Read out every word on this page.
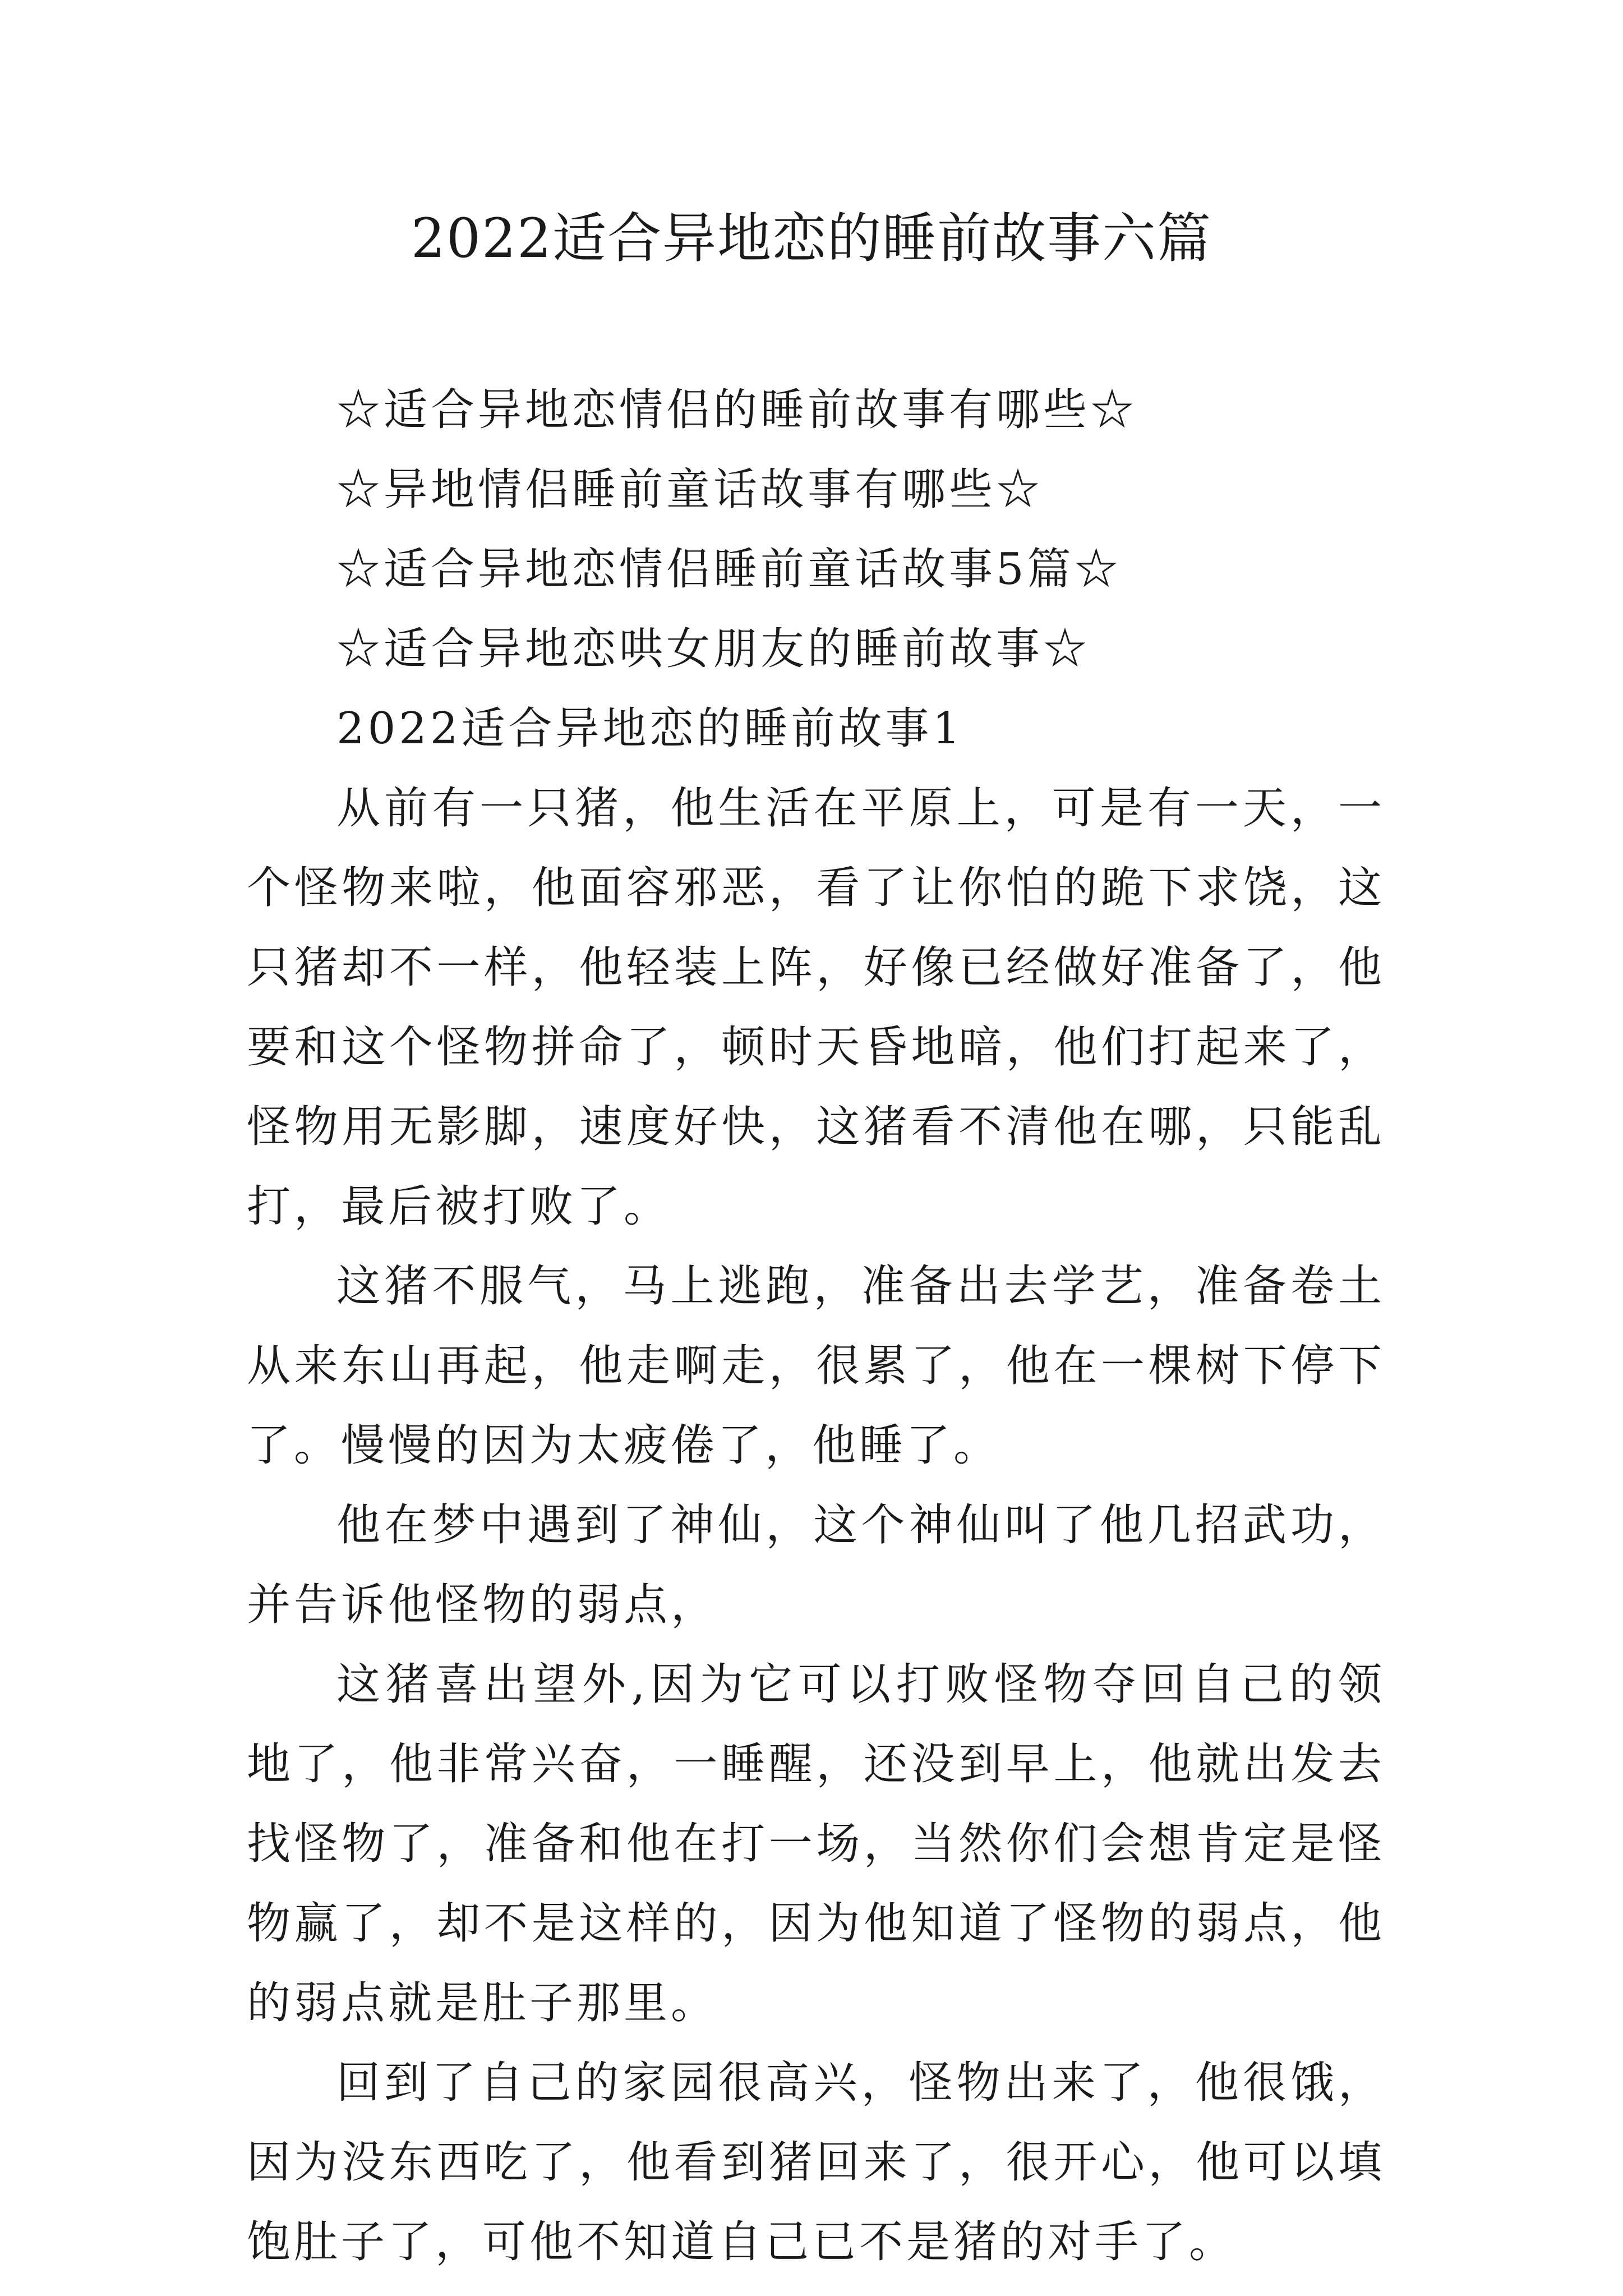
2022适合异地恋的睡前故事六篇

☆适合异地恋情侣的睡前故事有哪些☆

☆异地情侣睡前童话故事有哪些☆

☆适合异地恋情侣睡前童话故事5篇☆

☆适合异地恋哄女朋友的睡前故事☆

2022适合异地恋的睡前故事1

从前有一只猪，他生活在平原上，可是有一天，一个怪物来啦，他面容邪恶，看了让你怕的跪下求饶，这只猪却不一样，他轻装上阵，好像已经做好准备了，他要和这个怪物拼命了，顿时天昏地暗，他们打起来了，怪物用无影脚，速度好快，这猪看不清他在哪，只能乱打，最后被打败了。

这猪不服气，马上逃跑，准备出去学艺，准备卷土从来东山再起，他走啊走，很累了，他在一棵树下停下了。慢慢的因为太疲倦了，他睡了。

他在梦中遇到了神仙，这个神仙叫了他几招武功，并告诉他怪物的弱点，

这猪喜出望外,因为它可以打败怪物夺回自己的领地了，他非常兴奋，一睡醒，还没到早上，他就出发去找怪物了，准备和他在打一场，当然你们会想肯定是怪物赢了，却不是这样的，因为他知道了怪物的弱点，他的弱点就是肚子那里。

回到了自己的家园很高兴，怪物出来了，他很饿，因为没东西吃了，他看到猪回来了，很开心，他可以填饱肚子了，可他不知道自己已不是猪的对手了。
